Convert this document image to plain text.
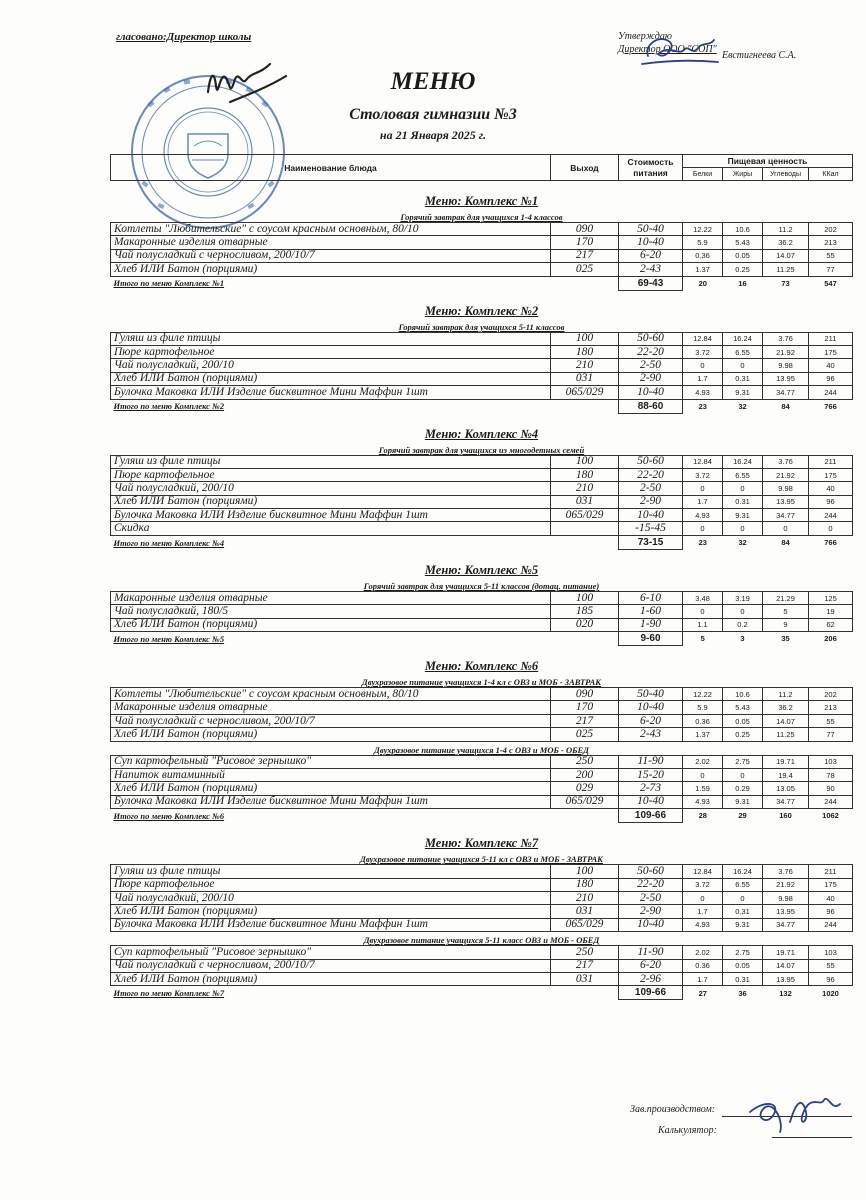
гласовано:Директор школы	Утверждаю
Директор ООО "СОП"
Евстигнеева С.А.
МЕНЮ
Столовая гимназии №3
на 21 Января 2025 г.
Наименование блюда	Выход	Стоимость питания	Пищевая ценность			
			Белки	Жиры	Углеводы	ККал
Меню: Комплекс №1						
Горячий завтрак для учащихся 1-4 классов						
Котлеты "Любительские" с соусом красным основным, 80/10	090	50-40	12.22	10.6	11.2	202
Макаронные изделия отварные	170	10-40	5.9	5.43	36.2	213
Чай полусладкий с черносливом, 200/10/7	217	6-20	0.36	0.05	14.07	55
Хлеб ИЛИ Батон (порциями)	025	2-43	1.37	0.25	11.25	77
Итого по меню Комплекс №1		69-43	20	16	73	547
Меню: Комплекс №2						
Горячий завтрак для учащихся 5-11 классов						
Гуляш из филе птицы	100	50-60	12.84	16.24	3.76	211
Пюре картофельное	180	22-20	3.72	6.55	21.92	175
Чай полусладкий, 200/10	210	2-50	0	0	9.98	40
Хлеб ИЛИ Батон (порциями)	031	2-90	1.7	0.31	13.95	96
Булочка Маковка ИЛИ Изделие бисквитное Мини Маффин 1шт	065/029	10-40	4.93	9.31	34.77	244
Итого по меню Комплекс №2		88-60	23	32	84	766
Меню: Комплекс №4						
Горячий завтрак для учащихся из многодетных семей						
Гуляш из филе птицы	100	50-60	12.84	16.24	3.76	211
Пюре картофельное	180	22-20	3.72	6.55	21.92	175
Чай полусладкий, 200/10	210	2-50	0	0	9.98	40
Хлеб ИЛИ Батон (порциями)	031	2-90	1.7	0.31	13.95	96
Булочка Маковка ИЛИ Изделие бисквитное Мини Маффин 1шт	065/029	10-40	4.93	9.31	34.77	244
Скидка		-15-45	0	0	0	0
Итого по меню Комплекс №4		73-15	23	32	84	766
Меню: Комплекс №5						
Горячий завтрак для учащихся 5-11 классов (дотац. питание)						
Макаронные изделия отварные	100	6-10	3.48	3.19	21.29	125
Чай полусладкий, 180/5	185	1-60	0	0	5	19
Хлеб ИЛИ Батон (порциями)	020	1-90	1.1	0.2	9	62
Итого по меню Комплекс №5		9-60	5	3	35	206
Меню: Комплекс №6						
Двухразовое питание учащихся 1-4 кл с ОВЗ и МОБ - ЗАВТРАК						
Котлеты "Любительские" с соусом красным основным, 80/10	090	50-40	12.22	10.6	11.2	202
Макаронные изделия отварные	170	10-40	5.9	5.43	36.2	213
Чай полусладкий с черносливом, 200/10/7	217	6-20	0.36	0.05	14.07	55
Хлеб ИЛИ Батон (порциями)	025	2-43	1.37	0.25	11.25	77
Двухразовое питание учащихся 1-4 с ОВЗ и МОБ - ОБЕД						
Суп картофельный "Рисовое зернышко"	250	11-90	2.02	2.75	19.71	103
Напиток витаминный	200	15-20	0	0	19.4	78
Хлеб ИЛИ Батон (порциями)	029	2-73	1.59	0.29	13.05	90
Булочка Маковка ИЛИ Изделие бисквитное Мини Маффин 1шт	065/029	10-40	4.93	9.31	34.77	244
Итого по меню Комплекс №6		109-66	28	29	160	1062
Меню: Комплекс №7						
Двухразовое питание учащихся 5-11 кл с ОВЗ и МОБ - ЗАВТРАК						
Гуляш из филе птицы	100	50-60	12.84	16.24	3.76	211
Пюре картофельное	180	22-20	3.72	6.55	21.92	175
Чай полусладкий, 200/10	210	2-50	0	0	9.98	40
Хлеб ИЛИ Батон (порциями)	031	2-90	1.7	0.31	13.95	96
Булочка Маковка ИЛИ Изделие бисквитное Мини Маффин 1шт	065/029	10-40	4.93	9.31	34.77	244
Двухразовое питание учащихся 5-11 класс ОВЗ и МОБ - ОБЕД						
Суп картофельный "Рисовое зернышко"	250	11-90	2.02	2.75	19.71	103
Чай полусладкий с черносливом, 200/10/7	217	6-20	0.36	0.05	14.07	55
Хлеб ИЛИ Батон (порциями)	031	2-96	1.7	0.31	13.95	96
Итого по меню Комплекс №7		109-66	27	36	132	1020
Зав.производством:
Калькулятор:
